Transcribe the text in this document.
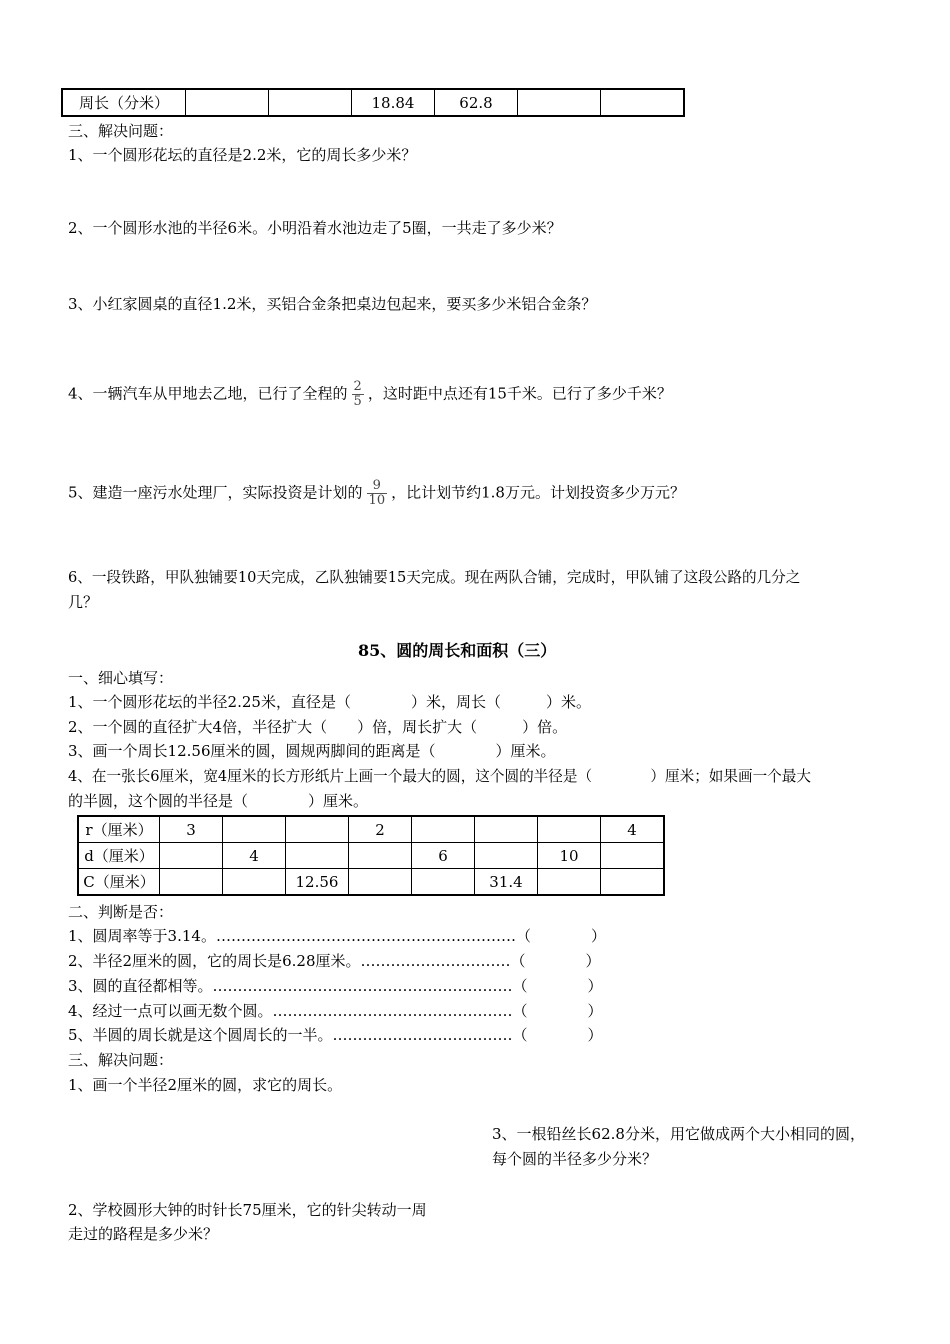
周长（分米）			18.84	62.8		
三、解决问题：
1、一个圆形花坛的直径是2.2米，它的周长多少米？
2、一个圆形水池的半径6米。小明沿着水池边走了5圈，一共走了多少米？
3、小红家圆桌的直径1.2米，买铝合金条把桌边包起来，要买多少米铝合金条？
4、一辆汽车从甲地去乙地，已行了全程的 $\frac{2}{5}$ ，这时距中点还有15千米。已行了多少千米？
5、建造一座污水处理厂，实际投资是计划的 $\frac{9}{10}$ ，比计划节约1.8万元。计划投资多少万元？
6、一段铁路，甲队独铺要10天完成，乙队独铺要15天完成。现在两队合铺，完成时，甲队铺了这段公路的几分之
几？
85、圆的周长和面积（三）
一、细心填写：
1、一个圆形花坛的半径2.25米，直径是（　　　　）米，周长（　　　）米。
2、一个圆的直径扩大4倍，半径扩大（　　）倍，周长扩大（　　　）倍。
3、画一个周长12.56厘米的圆，圆规两脚间的距离是（　　　　）厘米。
4、在一张长6厘米，宽4厘米的长方形纸片上画一个最大的圆，这个圆的半径是（　　　　）厘米；如果画一个最大
的半圆，这个圆的半径是（　　　　）厘米。
r（厘米）	3			2				4
d（厘米）		4			6		10	
C（厘米）			12.56			31.4		
二、判断是否：
1、圆周率等于3.14。……………………………………………………（　　　　）
2、半径2厘米的圆，它的周长是6.28厘米。…………………………（　　　　）
3、圆的直径都相等。……………………………………………………（　　　　）
4、经过一点可以画无数个圆。…………………………………………（　　　　）
5、半圆的周长就是这个圆周长的一半。………………………………（　　　　）
三、解决问题：
1、画一个半径2厘米的圆，求它的周长。
3、一根铅丝长62.8分米，用它做成两个大小相同的圆，
每个圆的半径多少分米？
2、学校圆形大钟的时针长75厘米，它的针尖转动一周
走过的路程是多少米？
